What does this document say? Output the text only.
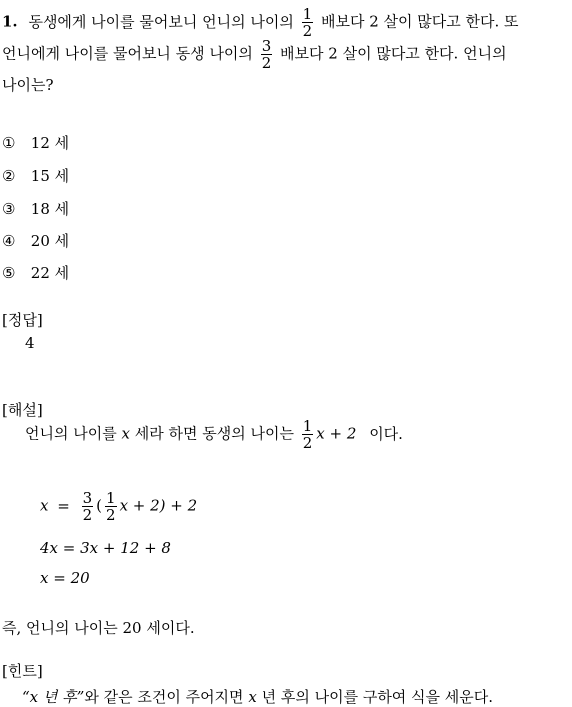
1. 동생에게 나이를 물어보니 언니의 나이의 $\frac{1}{2}$ 배보다 2 살이 많다고 한다. 또
언니에게 나이를 물어보니 동생 나이의 $\frac{3}{2}$ 배보다 2 살이 많다고 한다. 언니의
나이는?
① 12 세
② 15 세
③ 18 세
④ 20 세
⑤ 22 세
[정답]
4
[해설]
언니의 나이를 x 세라 하면 동생의 나이는 $\frac{1}{2}$ x + 2 이다.
$x = \frac{3}{2}$ ( $\frac{1}{2}$ x + 2) + 2
4x = 3x + 12 + 8
x = 20
즉, 언니의 나이는 20 세이다.
[힌트]
“x 년 후”와 같은 조건이 주어지면 x 년 후의 나이를 구하여 식을 세운다.
